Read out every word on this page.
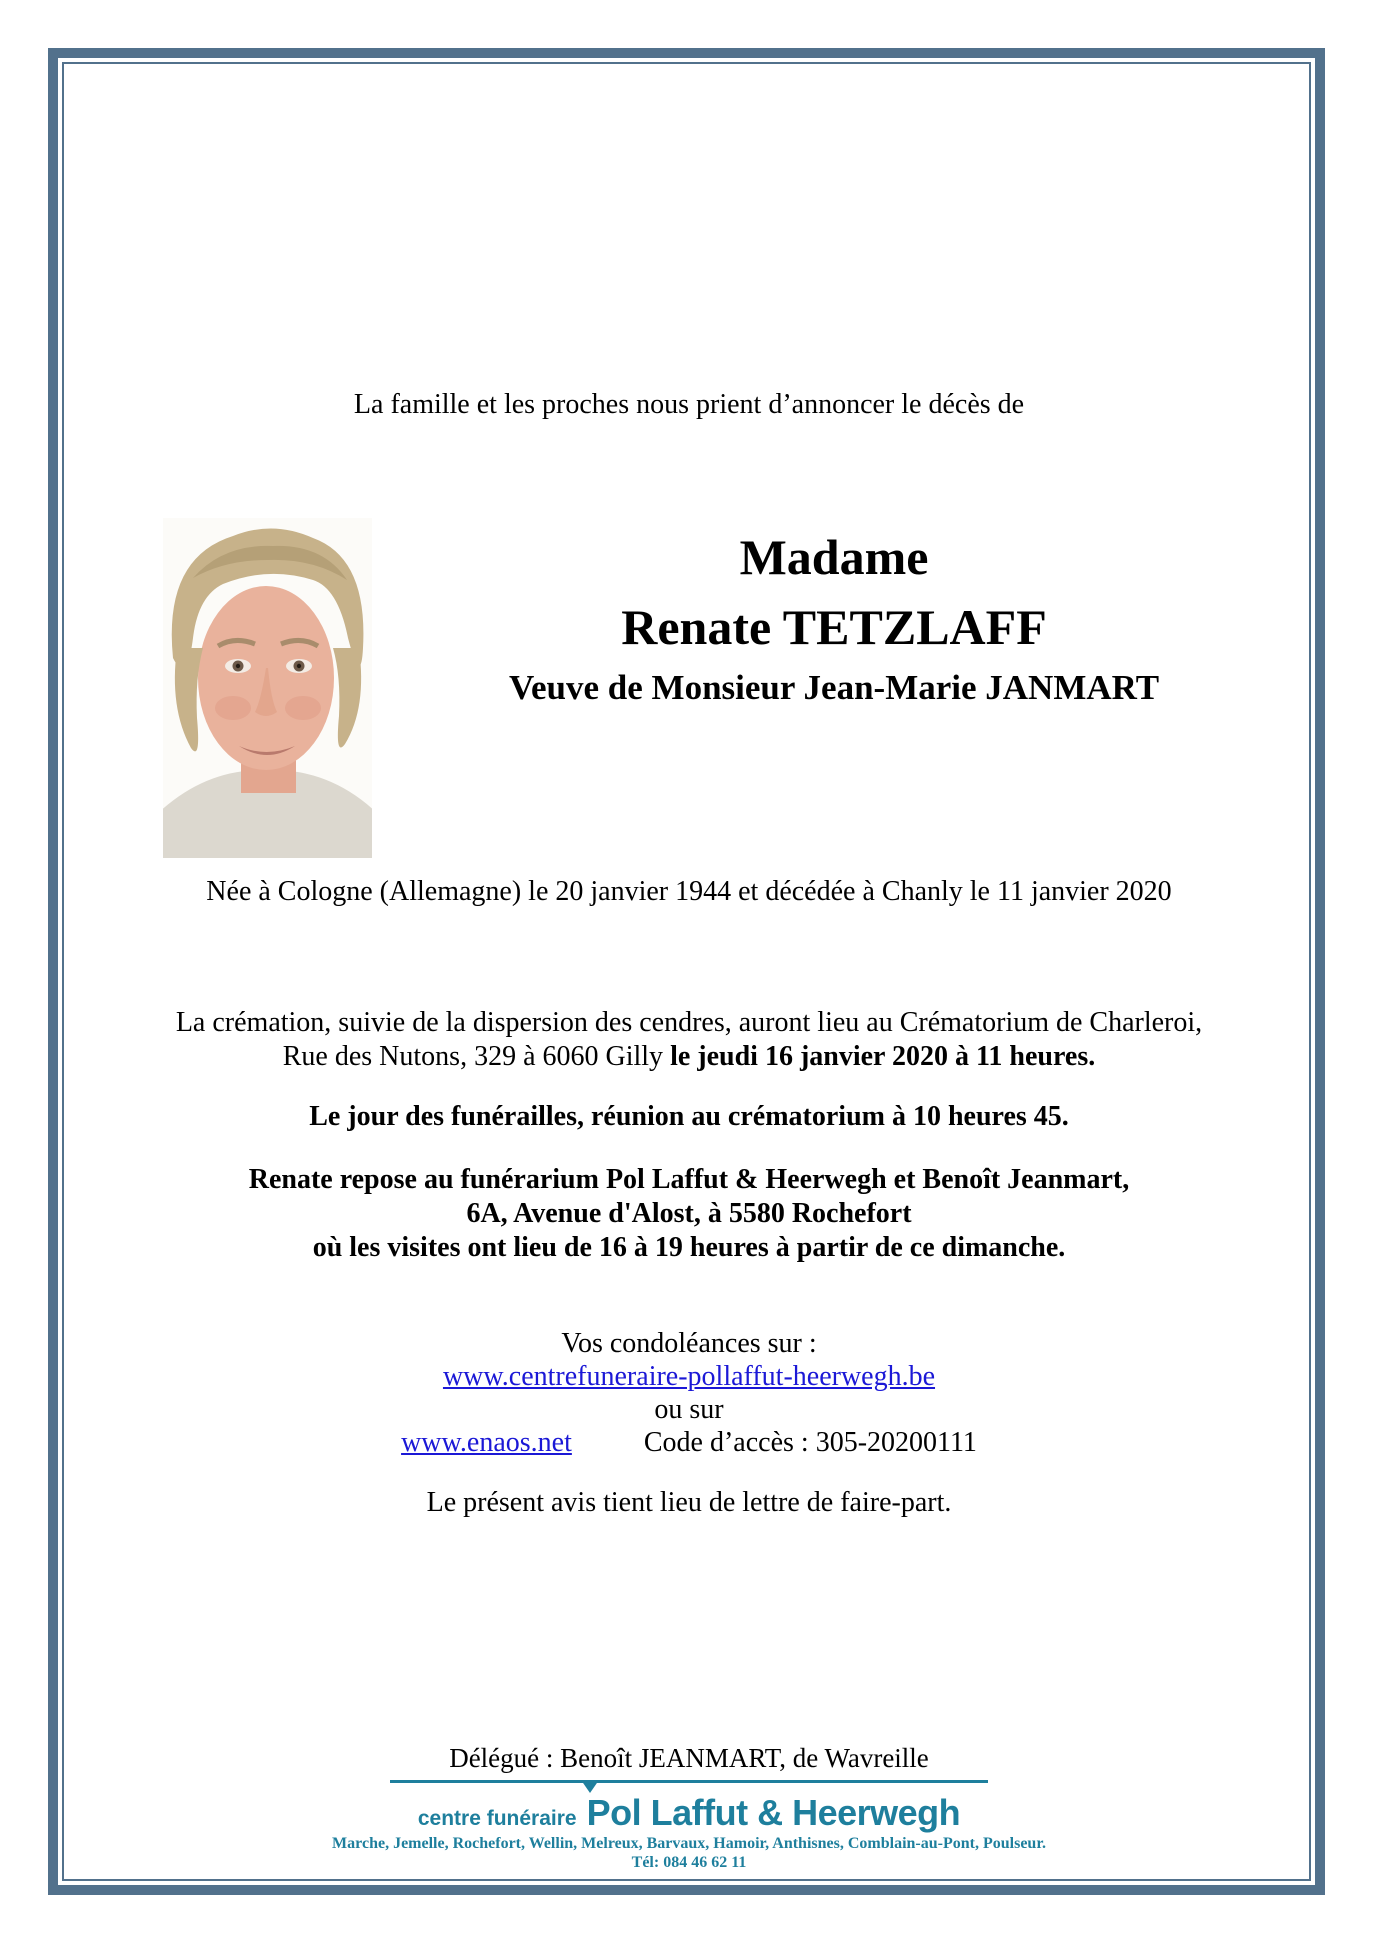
La famille et les proches nous prient d’annoncer le décès de
Madame
Renate TETZLAFF
Veuve de Monsieur Jean-Marie JANMART
Née à Cologne (Allemagne) le 20 janvier 1944 et décédée à Chanly le 11 janvier 2020
La crémation, suivie de la dispersion des cendres, auront lieu au Crématorium de Charleroi,
Rue des Nutons, 329 à 6060 Gilly le jeudi 16 janvier 2020 à 11 heures.
Le jour des funérailles, réunion au crématorium à 10 heures 45.
Renate repose au funérarium Pol Laffut & Heerwegh et Benoît Jeanmart,
6A, Avenue d'Alost, à 5580 Rochefort
où les visites ont lieu de 16 à 19 heures à partir de ce dimanche.
Vos condoléances sur :
www.centrefuneraire-pollaffut-heerwegh.be
ou sur
www.enaos.net	Code d’accès : 305-20200111
Le présent avis tient lieu de lettre de faire-part.
Délégué : Benoît JEANMART, de Wavreille
centre funéraire Pol Laffut & Heerwegh
Marche, Jemelle, Rochefort, Wellin, Melreux, Barvaux, Hamoir, Anthisnes, Comblain-au-Pont, Poulseur.
Tél: 084 46 62 11
